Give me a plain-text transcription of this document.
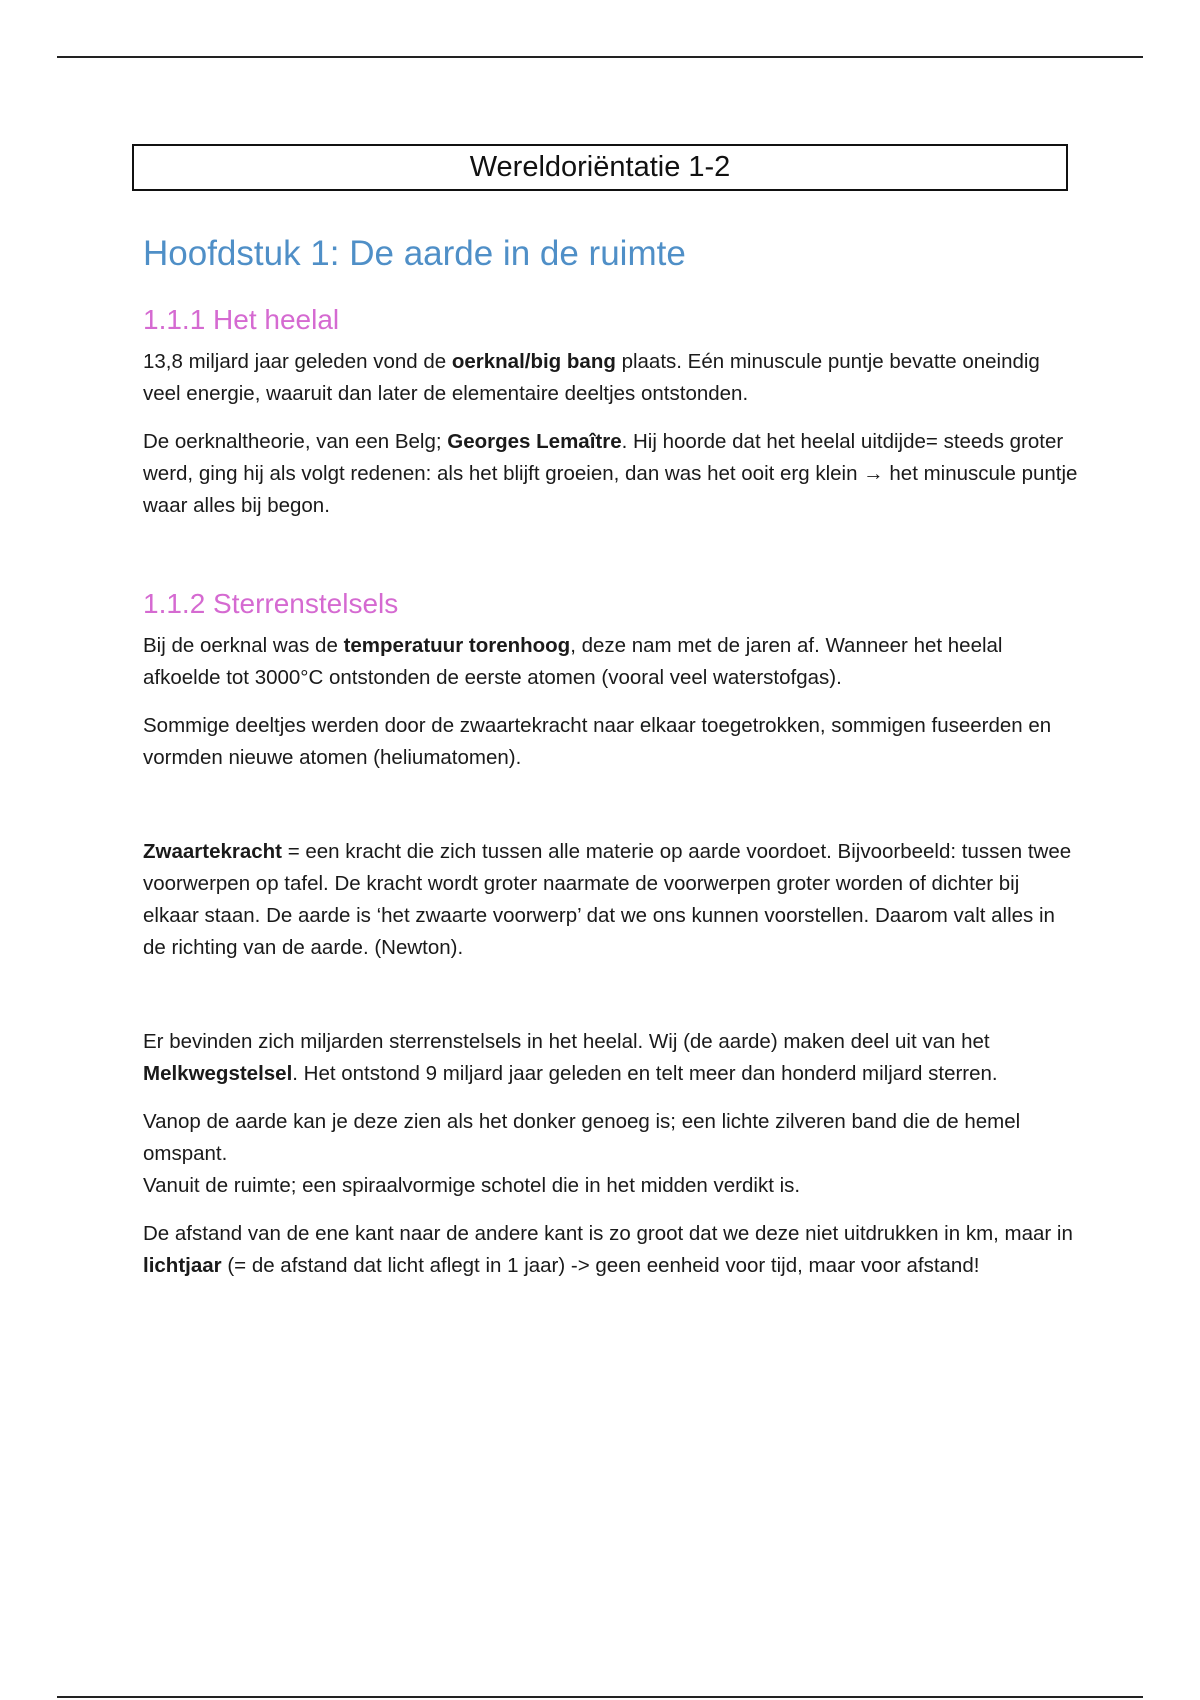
Wereldoriëntatie 1-2
Hoofdstuk 1: De aarde in de ruimte
1.1.1 Het heelal

13,8 miljard jaar geleden vond de oerknal/big bang plaats. Eén minuscule puntje bevatte oneindig veel energie, waaruit dan later de elementaire deeltjes ontstonden.

De oerknaltheorie, van een Belg; Georges Lemaître. Hij hoorde dat het heelal uitdijde= steeds groter werd, ging hij als volgt redenen: als het blijft groeien, dan was het ooit erg klein → het minuscule puntje waar alles bij begon.

1.1.2 Sterrenstelsels

Bij de oerknal was de temperatuur torenhoog, deze nam met de jaren af. Wanneer het heelal afkoelde tot 3000°C ontstonden de eerste atomen (vooral veel waterstofgas).

Sommige deeltjes werden door de zwaartekracht naar elkaar toegetrokken, sommigen fuseerden en vormden nieuwe atomen (heliumatomen).

Zwaartekracht = een kracht die zich tussen alle materie op aarde voordoet. Bijvoorbeeld: tussen twee voorwerpen op tafel. De kracht wordt groter naarmate de voorwerpen groter worden of dichter bij elkaar staan. De aarde is ‘het zwaarte voorwerp’ dat we ons kunnen voorstellen. Daarom valt alles in de richting van de aarde. (Newton).

Er bevinden zich miljarden sterrenstelsels in het heelal. Wij (de aarde) maken deel uit van het Melkwegstelsel. Het ontstond 9 miljard jaar geleden en telt meer dan honderd miljard sterren.

Vanop de aarde kan je deze zien als het donker genoeg is; een lichte zilveren band die de hemel omspant.
Vanuit de ruimte; een spiraalvormige schotel die in het midden verdikt is.

De afstand van de ene kant naar de andere kant is zo groot dat we deze niet uitdrukken in km, maar in lichtjaar (= de afstand dat licht aflegt in 1 jaar) -> geen eenheid voor tijd, maar voor afstand!
